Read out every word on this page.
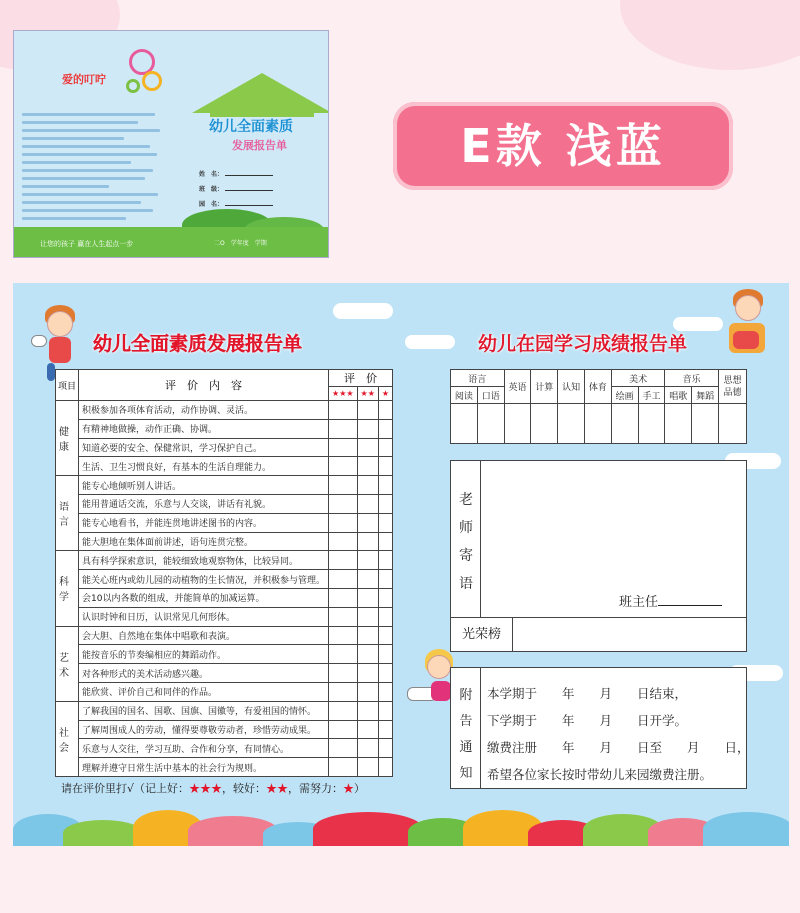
爱的叮咛
幼儿全面素质
发展报告单
姓　名：
班　级：
园　名：
让您的孩子 赢在人生起点一步	二O　学年度　学期
E款 浅蓝
幼儿全面素质发展报告单	幼儿在园学习成绩报告单
项目	评　价　内　容	评　价		
		★★★	★★	★
健康	积极参加各项体育活动，动作协调、灵活。			
	有精神地做操，动作正确、协调。			
	知道必要的安全、保健常识，学习保护自己。			
	生活、卫生习惯良好，有基本的生活自理能力。			
语言	能专心地倾听别人讲话。			
	能用普通话交流，乐意与人交谈，讲话有礼貌。			
	能专心地看书，并能连贯地讲述图书的内容。			
	能大胆地在集体面前讲述，语句连贯完整。			
科学	具有科学探索意识，能较细致地观察物体，比较异同。			
	能关心班内或幼儿园的动植物的生长情况，并积极参与管理。			
	会10以内各数的组成，并能简单的加减运算。			
	认识时钟和日历，认识常见几何形体。			
艺术	会大胆、自然地在集体中唱歌和表演。			
	能按音乐的节奏编相应的舞蹈动作。			
	对各种形式的美术活动感兴趣。			
	能欣赏、评价自己和同伴的作品。			
社会	了解我国的国名、国歌、国旗、国徽等，有爱祖国的情怀。			
	了解周围成人的劳动，懂得要尊敬劳动者，珍惜劳动成果。			
	乐意与人交往，学习互助、合作和分享，有同情心。			
	理解并遵守日常生活中基本的社会行为规则。			
请在评价里打√（记上好：★★★，较好：★★，需努力：★）
语言		英语	计算	认知	体育	美术		音乐		思想品德
阅读	口语					绘画	手工	唱歌	舞蹈	

老
师
寄
语
班主任
光荣榜
附
告
通
知
本学期于　　年　　月　　日结束，
下学期于　　年　　月　　日开学。
缴费注册　　年　　月　　日至　　月　　日，
希望各位家长按时带幼儿来园缴费注册。
